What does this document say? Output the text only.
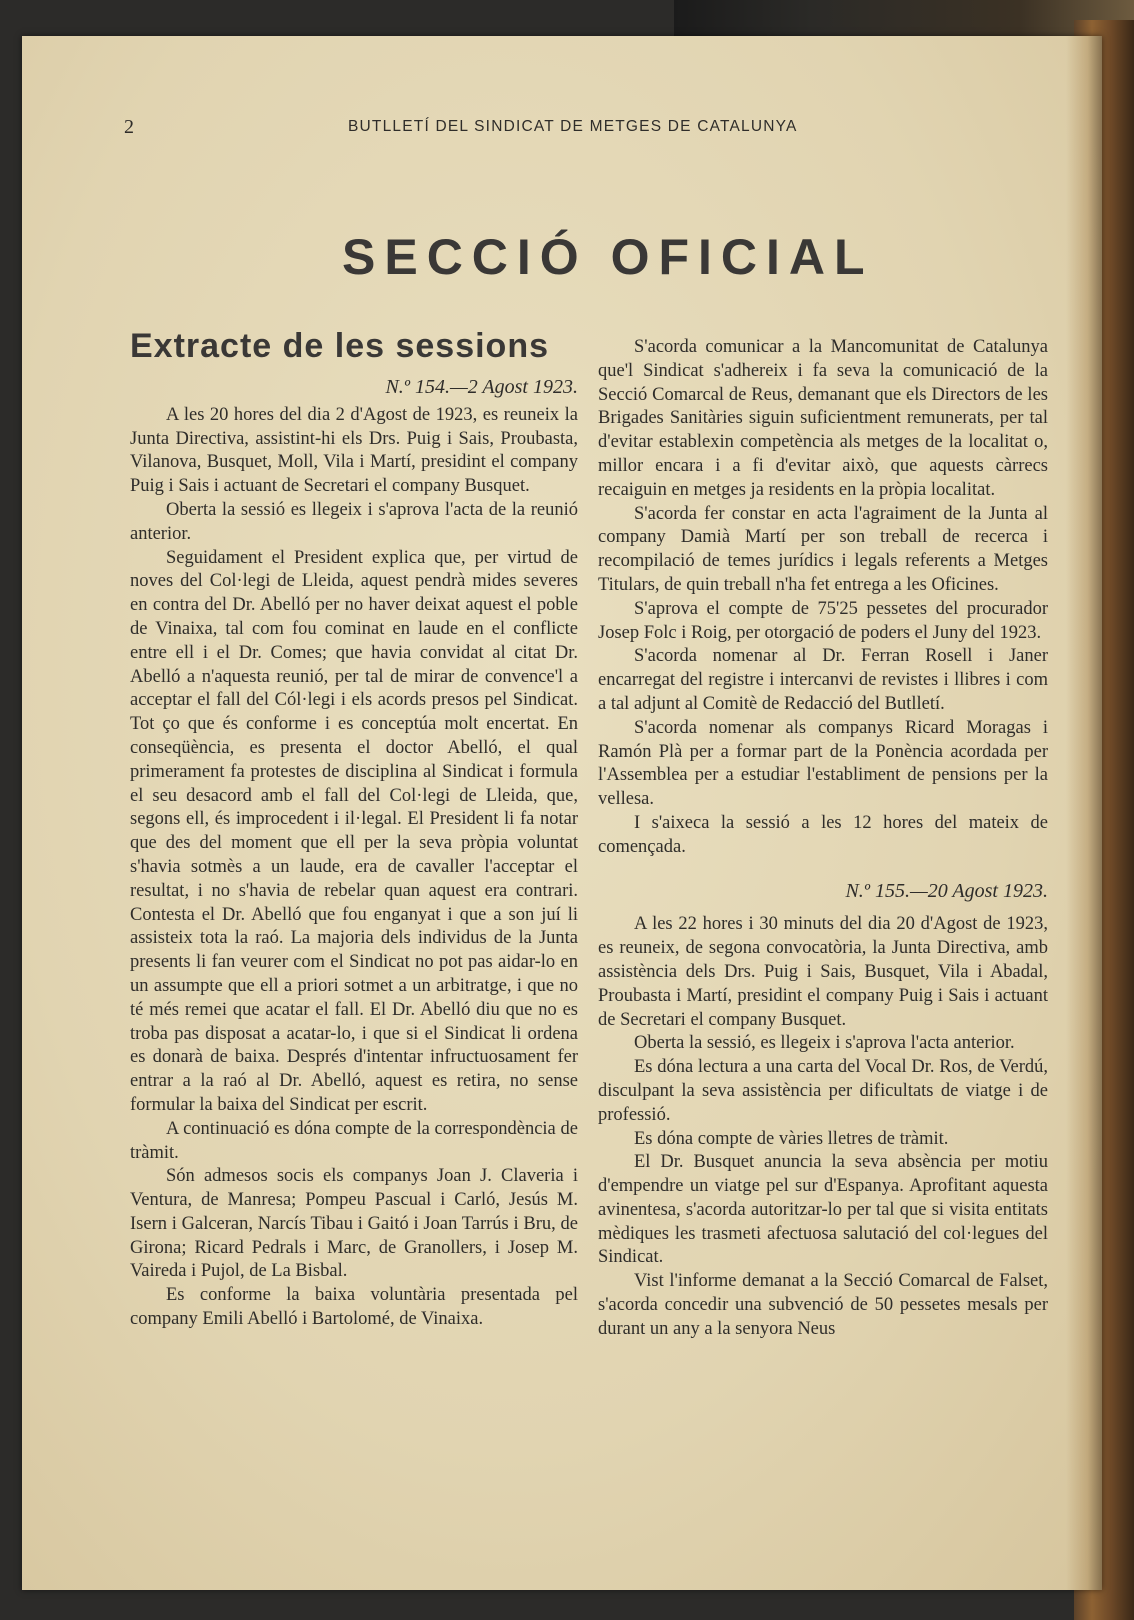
2	BUTLLETÍ DEL SINDICAT DE METGES DE CATALUNYA
SECCIÓ OFICIAL
Extracte de les sessions
N.º 154.—2 Agost 1923.

A les 20 hores del dia 2 d'Agost de 1923, es reuneix la Junta Directiva, assistint-hi els Drs. Puig i Sais, Proubasta, Vilanova, Busquet, Moll, Vila i Martí, presidint el company Puig i Sais i actuant de Secretari el company Busquet.

Oberta la sessió es llegeix i s'aprova l'acta de la reunió anterior.

Seguidament el President explica que, per virtud de noves del Col·legi de Lleida, aquest pendrà mides severes en contra del Dr. Abelló per no haver deixat aquest el poble de Vinaixa, tal com fou cominat en laude en el conflicte entre ell i el Dr. Comes; que havia convidat al citat Dr. Abelló a n'aquesta reunió, per tal de mirar de convence'l a acceptar el fall del Cól·legi i els acords presos pel Sindicat. Tot ço que és conforme i es conceptúa molt encertat. En conseqüència, es presenta el doctor Abelló, el qual primerament fa protestes de disciplina al Sindicat i formula el seu desacord amb el fall del Col·legi de Lleida, que, segons ell, és improcedent i il·legal. El President li fa notar que des del moment que ell per la seva pròpia voluntat s'havia sotmès a un laude, era de cavaller l'acceptar el resultat, i no s'havia de rebelar quan aquest era contrari. Contesta el Dr. Abelló que fou enganyat i que a son juí li assisteix tota la raó. La majoria dels individus de la Junta presents li fan veurer com el Sindicat no pot pas aidar-lo en un assumpte que ell a priori sotmet a un arbitratge, i que no té més remei que acatar el fall. El Dr. Abelló diu que no es troba pas disposat a acatar-lo, i que si el Sindicat li ordena es donarà de baixa. Després d'intentar infructuosament fer entrar a la raó al Dr. Abelló, aquest es retira, no sense formular la baixa del Sindicat per escrit.

A continuació es dóna compte de la correspondència de tràmit.

Són admesos socis els companys Joan J. Claveria i Ventura, de Manresa; Pompeu Pascual i Carló, Jesús M. Isern i Galceran, Narcís Tibau i Gaitó i Joan Tarrús i Bru, de Girona; Ricard Pedrals i Marc, de Granollers, i Josep M. Vaireda i Pujol, de La Bisbal.

Es conforme la baixa voluntària presentada pel company Emili Abelló i Bartolomé, de Vinaixa.

S'acorda comunicar a la Mancomunitat de Catalunya que'l Sindicat s'adhereix i fa seva la comunicació de la Secció Comarcal de Reus, demanant que els Directors de les Brigades Sanitàries siguin suficientment remunerats, per tal d'evitar establexin competència als metges de la localitat o, millor encara i a fi d'evitar això, que aquests càrrecs recaiguin en metges ja residents en la pròpia localitat.

S'acorda fer constar en acta l'agraiment de la Junta al company Damià Martí per son treball de recerca i recompilació de temes jurídics i legals referents a Metges Titulars, de quin treball n'ha fet entrega a les Oficines.

S'aprova el compte de 75'25 pessetes del procurador Josep Folc i Roig, per otorgació de poders el Juny del 1923.

S'acorda nomenar al Dr. Ferran Rosell i Janer encarregat del registre i intercanvi de revistes i llibres i com a tal adjunt al Comitè de Redacció del Butlletí.

S'acorda nomenar als companys Ricard Moragas i Ramón Plà per a formar part de la Ponència acordada per l'Assemblea per a estudiar l'establiment de pensions per la vellesa.

I s'aixeca la sessió a les 12 hores del mateix de començada.

N.º 155.—20 Agost 1923.

A les 22 hores i 30 minuts del dia 20 d'Agost de 1923, es reuneix, de segona convocatòria, la Junta Directiva, amb assistència dels Drs. Puig i Sais, Busquet, Vila i Abadal, Proubasta i Martí, presidint el company Puig i Sais i actuant de Secretari el company Busquet.

Oberta la sessió, es llegeix i s'aprova l'acta anterior.

Es dóna lectura a una carta del Vocal Dr. Ros, de Verdú, disculpant la seva assistència per dificultats de viatge i de professió.

Es dóna compte de vàries lletres de tràmit.

El Dr. Busquet anuncia la seva absència per motiu d'empendre un viatge pel sur d'Espanya. Aprofitant aquesta avinentesa, s'acorda autoritzar-lo per tal que si visita entitats mèdiques les trasmeti afectuosa salutació del col·legues del Sindicat.

Vist l'informe demanat a la Secció Comarcal de Falset, s'acorda concedir una subvenció de 50 pessetes mesals per durant un any a la senyora Neus
